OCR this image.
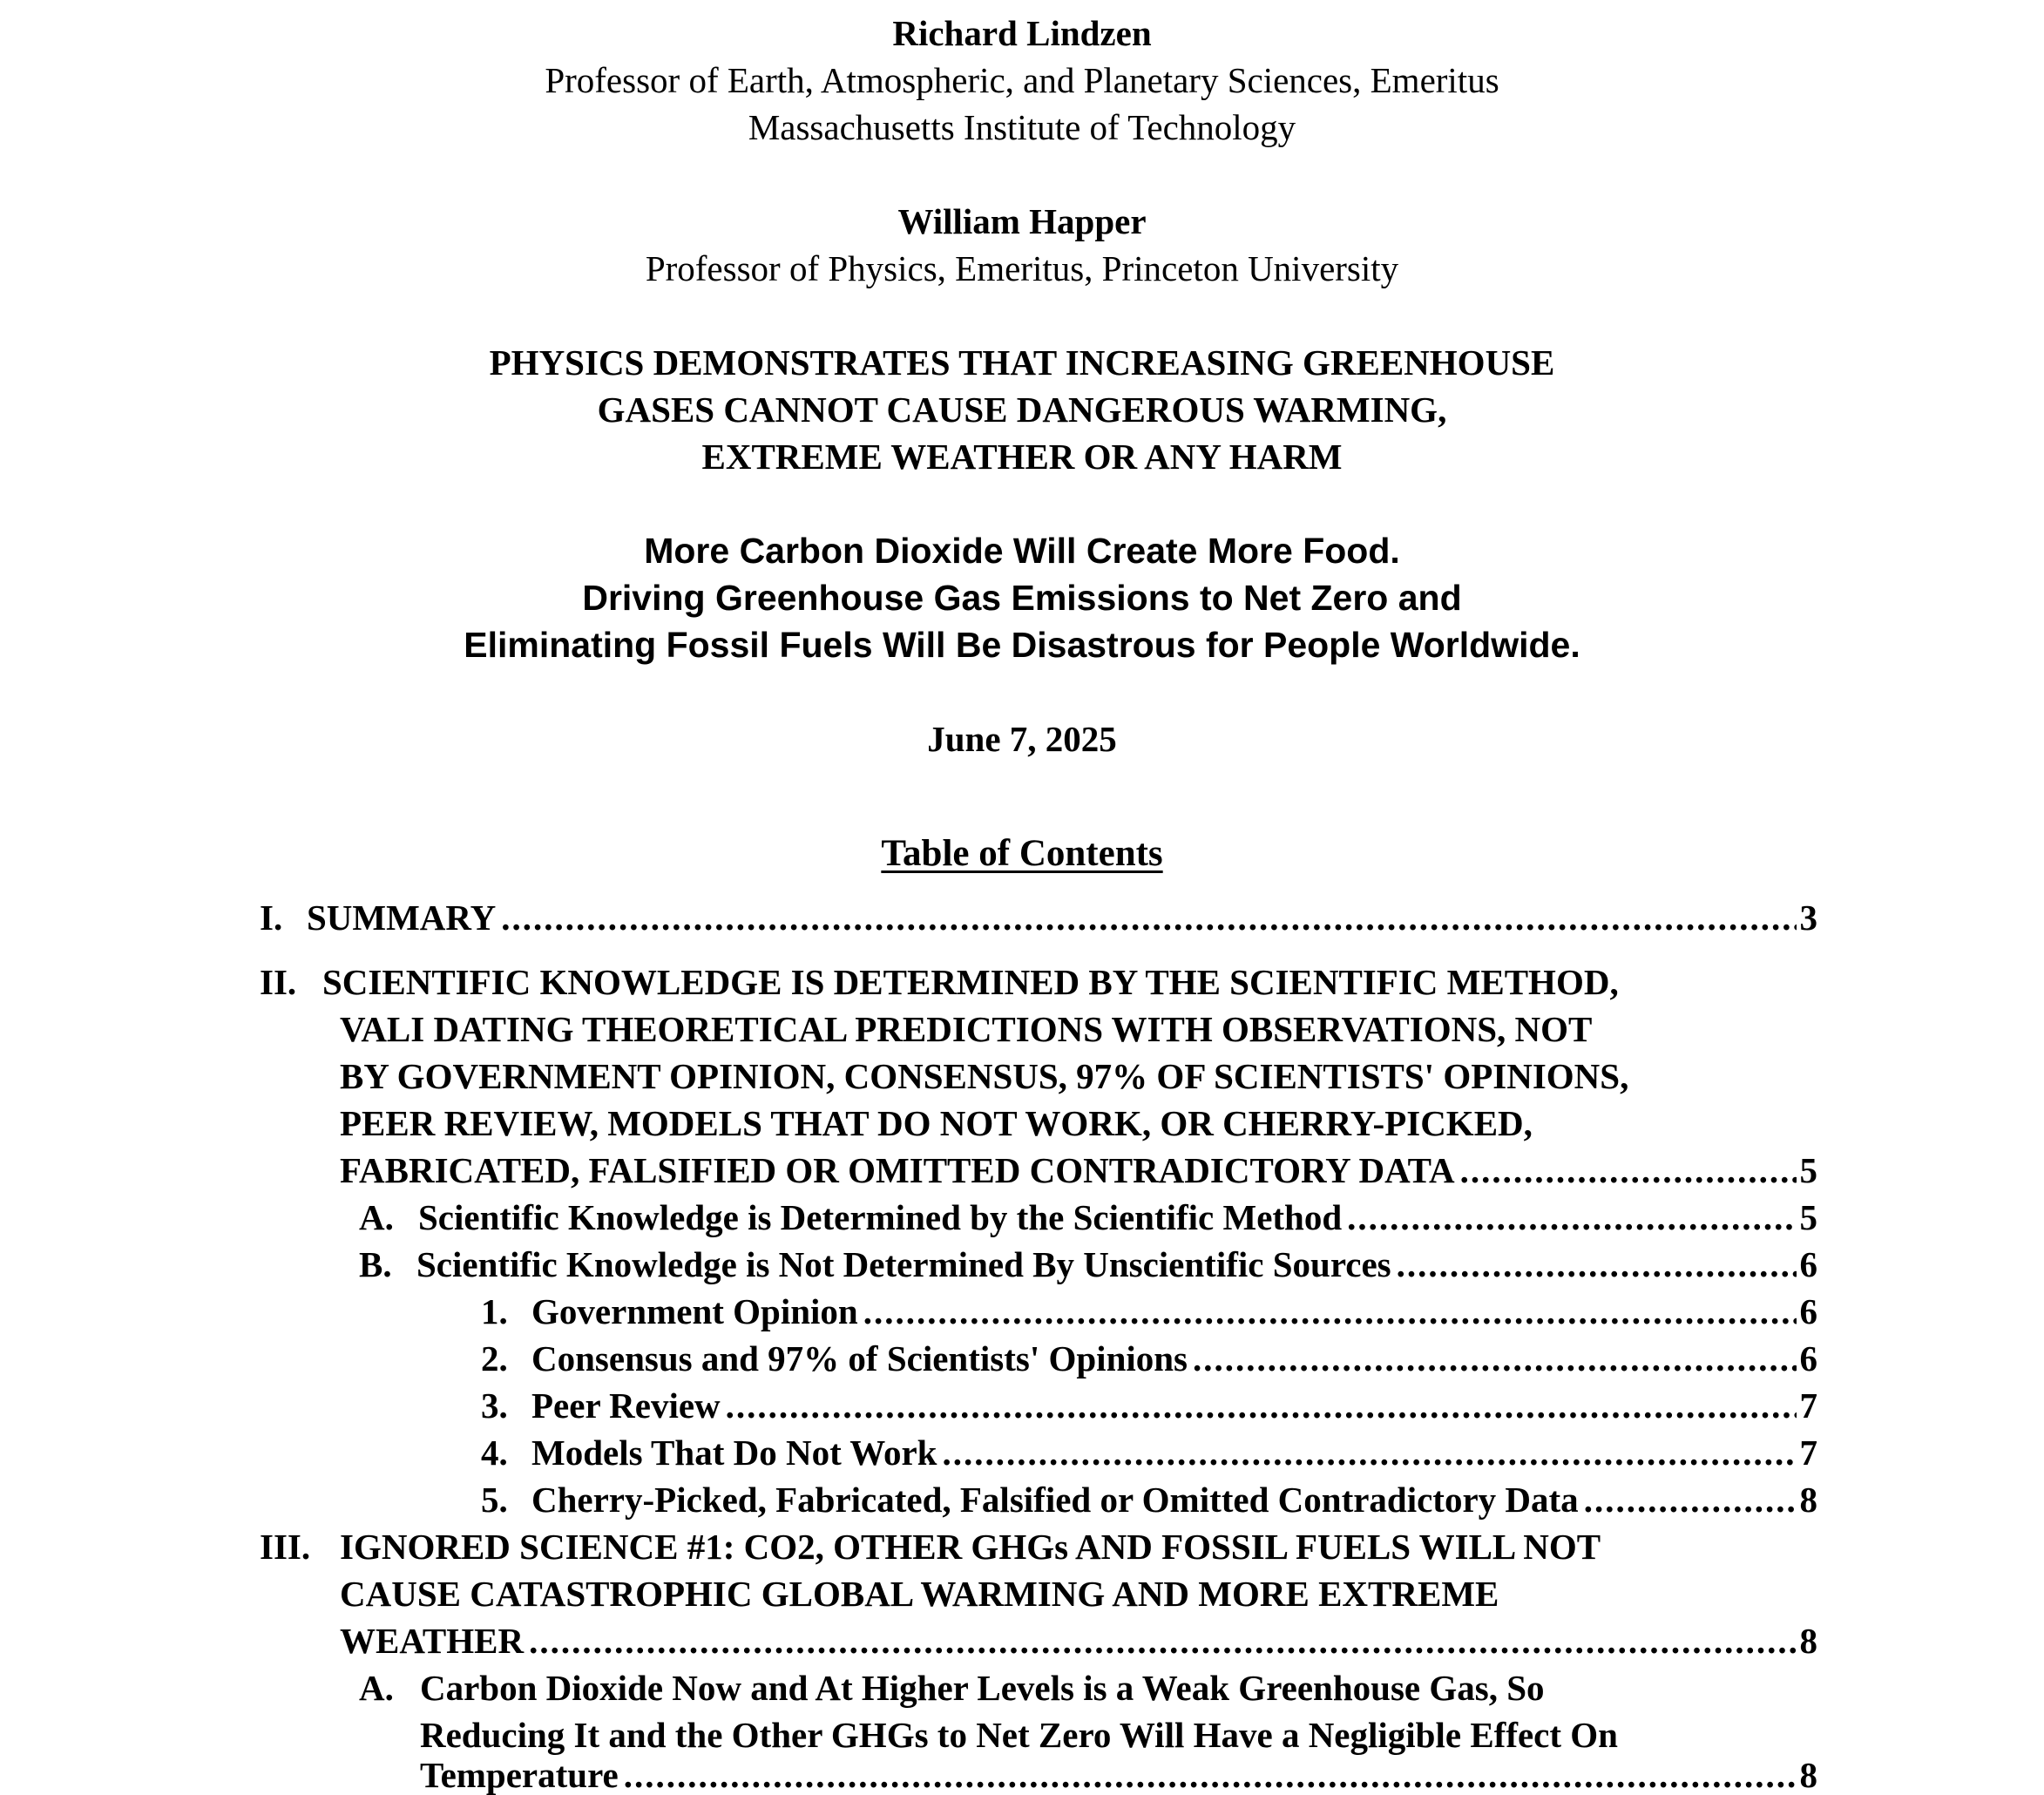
Richard Lindzen
Professor of Earth, Atmospheric, and Planetary Sciences, Emeritus
Massachusetts Institute of Technology
William Happer
Professor of Physics, Emeritus, Princeton University
PHYSICS DEMONSTRATES THAT INCREASING GREENHOUSE
GASES CANNOT CAUSE DANGEROUS WARMING,
EXTREME WEATHER OR ANY HARM
More Carbon Dioxide Will Create More Food.
Driving Greenhouse Gas Emissions to Net Zero and
Eliminating Fossil Fuels Will Be Disastrous for People Worldwide.
June 7, 2025
Table of Contents
I. SUMMARY .....	3
II. SCIENTIFIC KNOWLEDGE IS DETERMINED BY THE SCIENTIFIC METHOD,
VALI DATING THEORETICAL PREDICTIONS WITH OBSERVATIONS, NOT
BY GOVERNMENT OPINION, CONSENSUS, 97% OF SCIENTISTS' OPINIONS,
PEER REVIEW, MODELS THAT DO NOT WORK, OR CHERRY-PICKED,
FABRICATED, FALSIFIED OR OMITTED CONTRADICTORY DATA .....	5
A. Scientific Knowledge is Determined by the Scientific Method .....	5
B. Scientific Knowledge is Not Determined By Unscientific Sources .....	6
1. Government Opinion .....	6
2. Consensus and 97% of Scientists' Opinions .....	6
3. Peer Review .....	7
4. Models That Do Not Work .....	7
5. Cherry-Picked, Fabricated, Falsified or Omitted Contradictory Data .....	8
III. IGNORED SCIENCE #1: CO2, OTHER GHGs AND FOSSIL FUELS WILL NOT
CAUSE CATASTROPHIC GLOBAL WARMING AND MORE EXTREME
WEATHER .....	8
A. Carbon Dioxide Now and At Higher Levels is a Weak Greenhouse Gas, So
Reducing It and the Other GHGs to Net Zero Will Have a Negligible Effect On
Temperature .....	8
